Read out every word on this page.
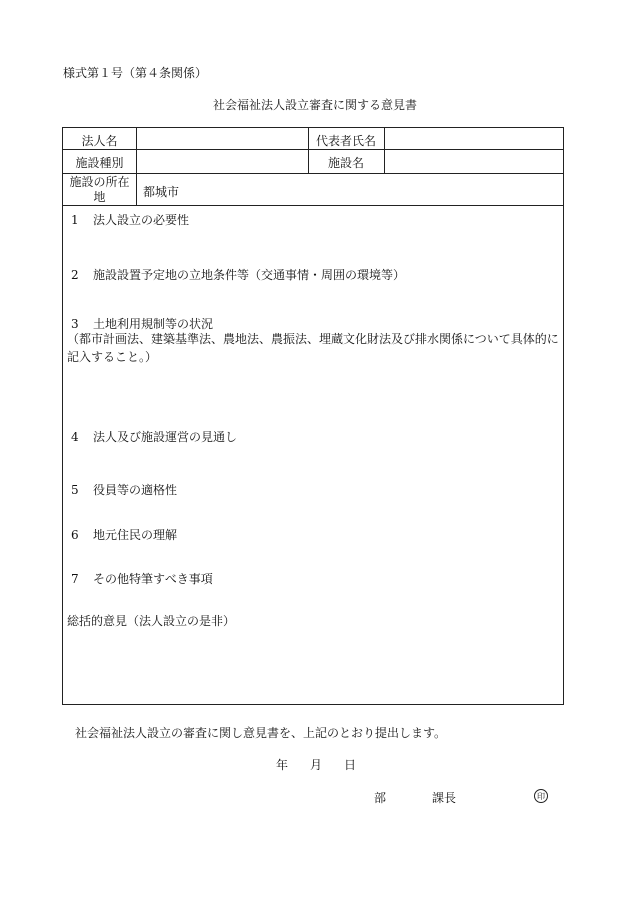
様式第１号（第４条関係）
社会福祉法人設立審査に関する意見書
法人名	代表者氏名
施設種別	施設名
施設の所在
地	都城市
1 法人設立の必要性
2 施設設置予定地の立地条件等（交通事情・周囲の環境等）
3 土地利用規制等の状況
（都市計画法、建築基準法、農地法、農振法、埋蔵文化財法及び排水関係について具体的に記入すること。）
4 法人及び施設運営の見通し
5 役員等の適格性
6 地元住民の理解
7 その他特筆すべき事項
総括的意見（法人設立の是非）
社会福祉法人設立の審査に関し意見書を、上記のとおり提出します。
年 月 日
部	課長	印
